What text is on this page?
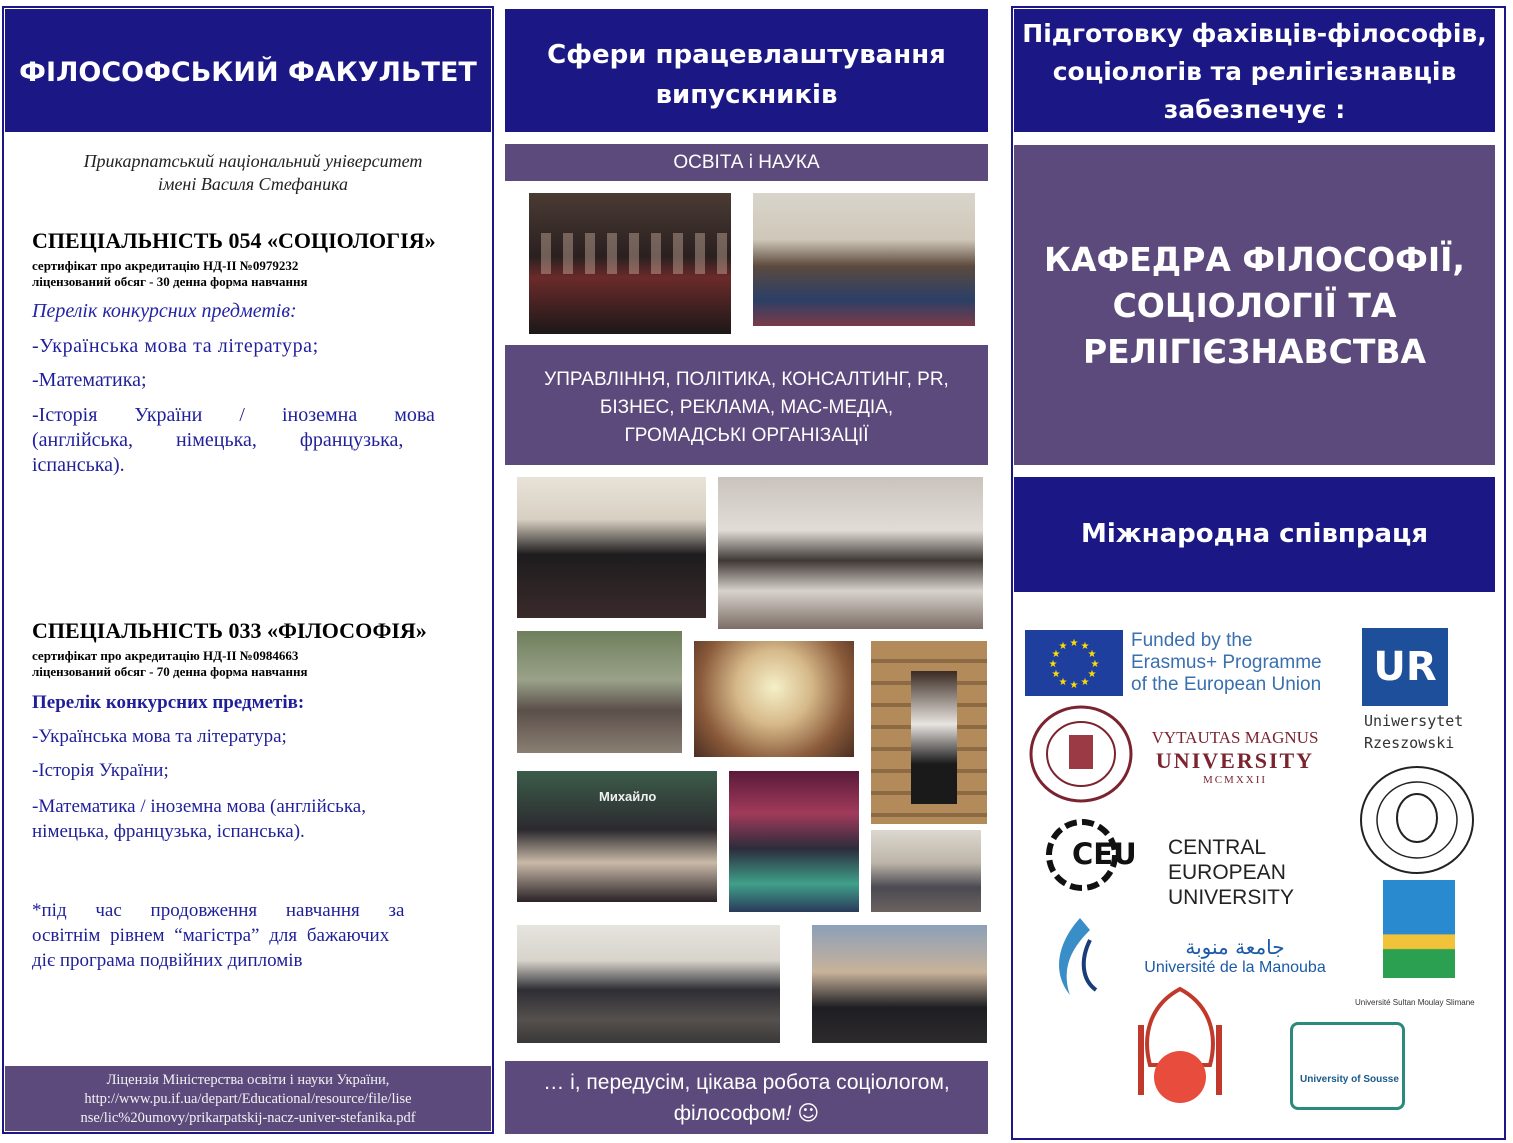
ФІЛОСОФСЬКИЙ ФАКУЛЬТЕТ
Прикарпатський національний університет
імені Василя Стефаника
СПЕЦІАЛЬНІСТЬ 054 «СОЦІОЛОГІЯ»
сертифікат про акредитацію НД-ІІ №0979232
ліцензований обсяг - 30 денна форма навчання
Перелік конкурсних предметів:
-Українська мова та література;
-Математика;
-Історія України / іноземна мова
(англійська, німецька, французька,
іспанська).
СПЕЦІАЛЬНІСТЬ 033 «ФІЛОСОФІЯ»
сертифікат про акредитацію НД-ІІ №0984663
ліцензований обсяг - 70 денна форма навчання
Перелік конкурсних предметів:
-Українська мова та література;
-Історія України;
-Математика / іноземна мова (англійська,
німецька, французька, іспанська).
*під час продовження навчання за
освітнім рівнем “магістра” для бажаючих
діє програма подвійних дипломів
Ліцензія Міністерства освіти і науки України,
http://www.pu.if.ua/depart/Educational/resource/file/lise
nse/lic%20umovy/prikarpatskij-nacz-univer-stefanika.pdf
Сфери працевлаштування
випускників
ОСВІТА і НАУКА
УПРАВЛІННЯ, ПОЛІТИКА, КОНСАЛТИНГ, PR,
БІЗНЕС, РЕКЛАМА, МАС-МЕДІА,
ГРОМАДСЬКІ ОРГАНІЗАЦІЇ
Михайло
… і, передусім, цікава робота соціологом,
філософом! ☺
Підготовку фахівців-філософів,
соціологів та релігієзнавців
забезпечує :
КАФЕДРА ФІЛОСОФІЇ,
СОЦІОЛОГІЇ ТА
РЕЛІГІЄЗНАВСТВА
Міжнародна співпраця
★ ★
★
★
★
★
★
★
★
★
★
★	Funded by the
Erasmus+ Programme
of the European Union UR
Uniwersytet
Rzeszowski
VYTAUTAS MAGNUS
UNIVERSITY
MCMXXII
CEU CENTRAL
EUROPEAN
UNIVERSITY
جامعة منوبة
Université de la Manouba
Université Sultan Moulay Slimane
University of Sousse
